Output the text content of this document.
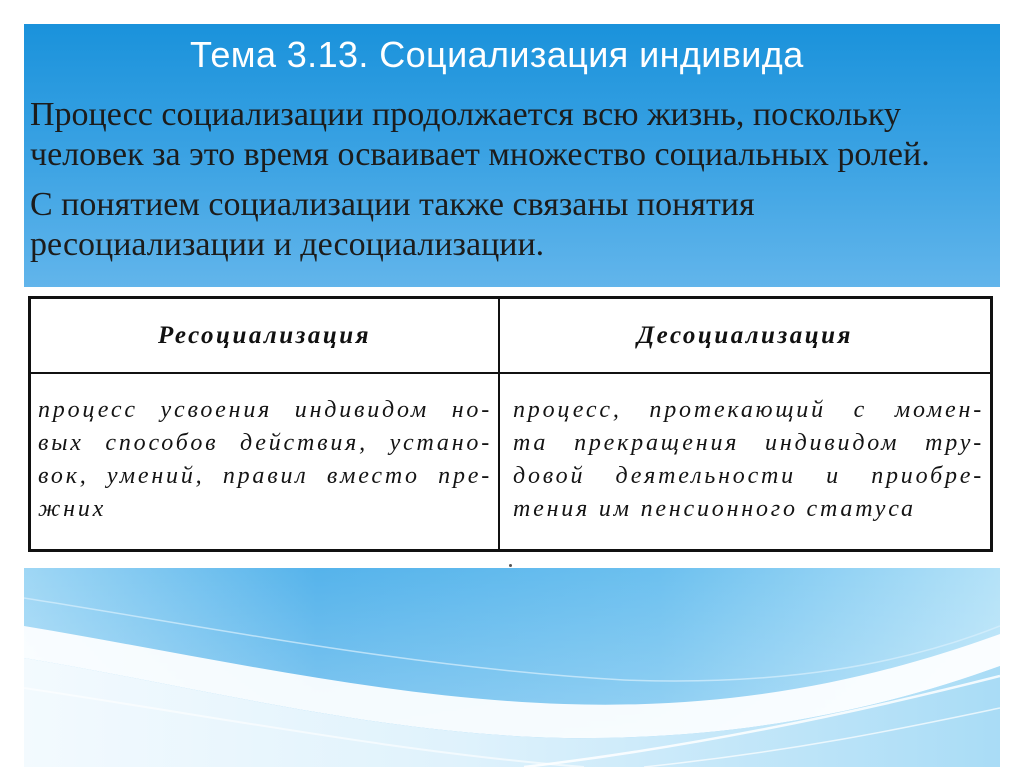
Тема 3.13. Социализация индивида

Процесс социализации продолжается всю жизнь, поскольку
человек за это время осваивает множество социальных ролей.

С понятием социализации также связаны понятия
ресоциализации и десоциализации.

Ресоциализация	Десоциализация
процесс усвоения индивидом но-
вых способов действия, устано-
вок, умений, правил вместо пре-
жних
процесс, протекающий с момен-
та прекращения индивидом тру-
довой деятельности и приобре-
тения им пенсионного статуса
